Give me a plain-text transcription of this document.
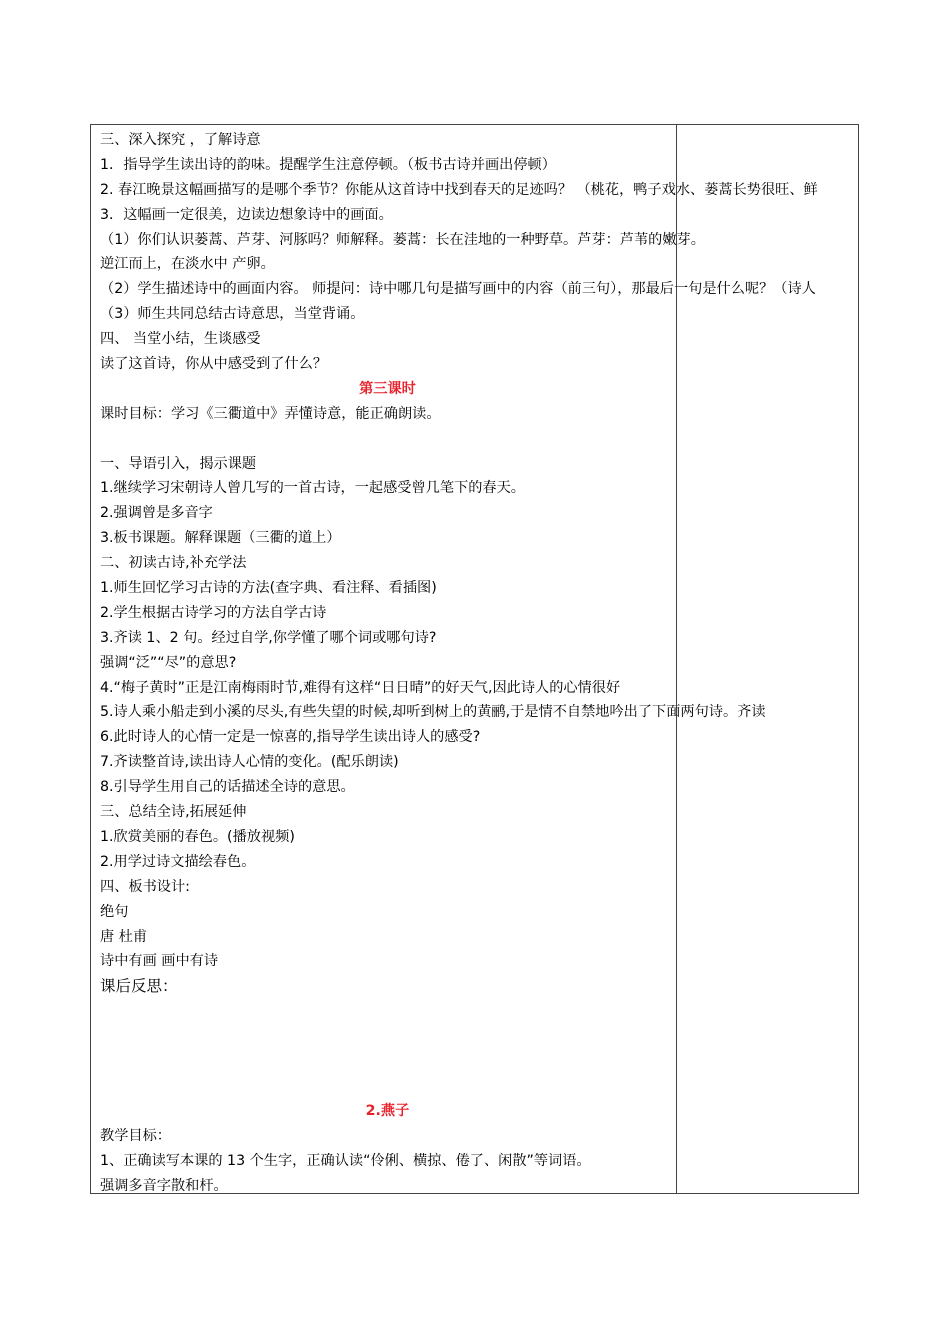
三、深入探究 ，了解诗意
1．指导学生读出诗的韵味。提醒学生注意停顿。（板书古诗并画出停顿）
2. 春江晚景这幅画描写的是哪个季节？你能从这首诗中找到春天的足迹吗？ （桃花，鸭子戏水、蒌蒿长势很旺、鲜
3．这幅画一定很美，边读边想象诗中的画面。
（1）你们认识蒌蒿、芦芽、河豚吗？师解释。蒌蒿：长在洼地的一种野草。芦芽：芦苇的嫩芽。
逆江而上，在淡水中 产卵。
（2）学生描述诗中的画面内容。 师提问：诗中哪几句是描写画中的内容（前三句），那最后一句是什么呢？（诗人
（3）师生共同总结古诗意思，当堂背诵。
四、 当堂小结，生谈感受
读了这首诗，你从中感受到了什么？
第三课时
课时目标：学习《三衢道中》弄懂诗意，能正确朗读。
一、导语引入，揭示课题
1.继续学习宋朝诗人曾几写的一首古诗，一起感受曾几笔下的春天。
2.强调曾是多音字
3.板书课题。解释课题（三衢的道上）
二、初读古诗,补充学法
1.师生回忆学习古诗的方法(查字典、看注释、看插图)
2.学生根据古诗学习的方法自学古诗
3.齐读 1、2 句。经过自学,你学懂了哪个词或哪句诗?
强调“泛”“尽”的意思?
4.“梅子黄时”正是江南梅雨时节,难得有这样“日日晴”的好天气,因此诗人的心情很好
5.诗人乘小船走到小溪的尽头,有些失望的时候,却听到树上的黄鹂,于是情不自禁地吟出了下面两句诗。齐读
6.此时诗人的心情一定是一惊喜的,指导学生读出诗人的感受?
7.齐读整首诗,读出诗人心情的变化。(配乐朗读)
8.引导学生用自己的话描述全诗的意思。
三、总结全诗,拓展延伸
1.欣赏美丽的春色。(播放视频)
2.用学过诗文描绘春色。
四、板书设计:
绝句
唐 杜甫
诗中有画 画中有诗
课后反思：
2.燕子
教学目标：
1、正确读写本课的 13 个生字，正确认读“伶俐、横掠、倦了、闲散”等词语。
强调多音字散和杆。
